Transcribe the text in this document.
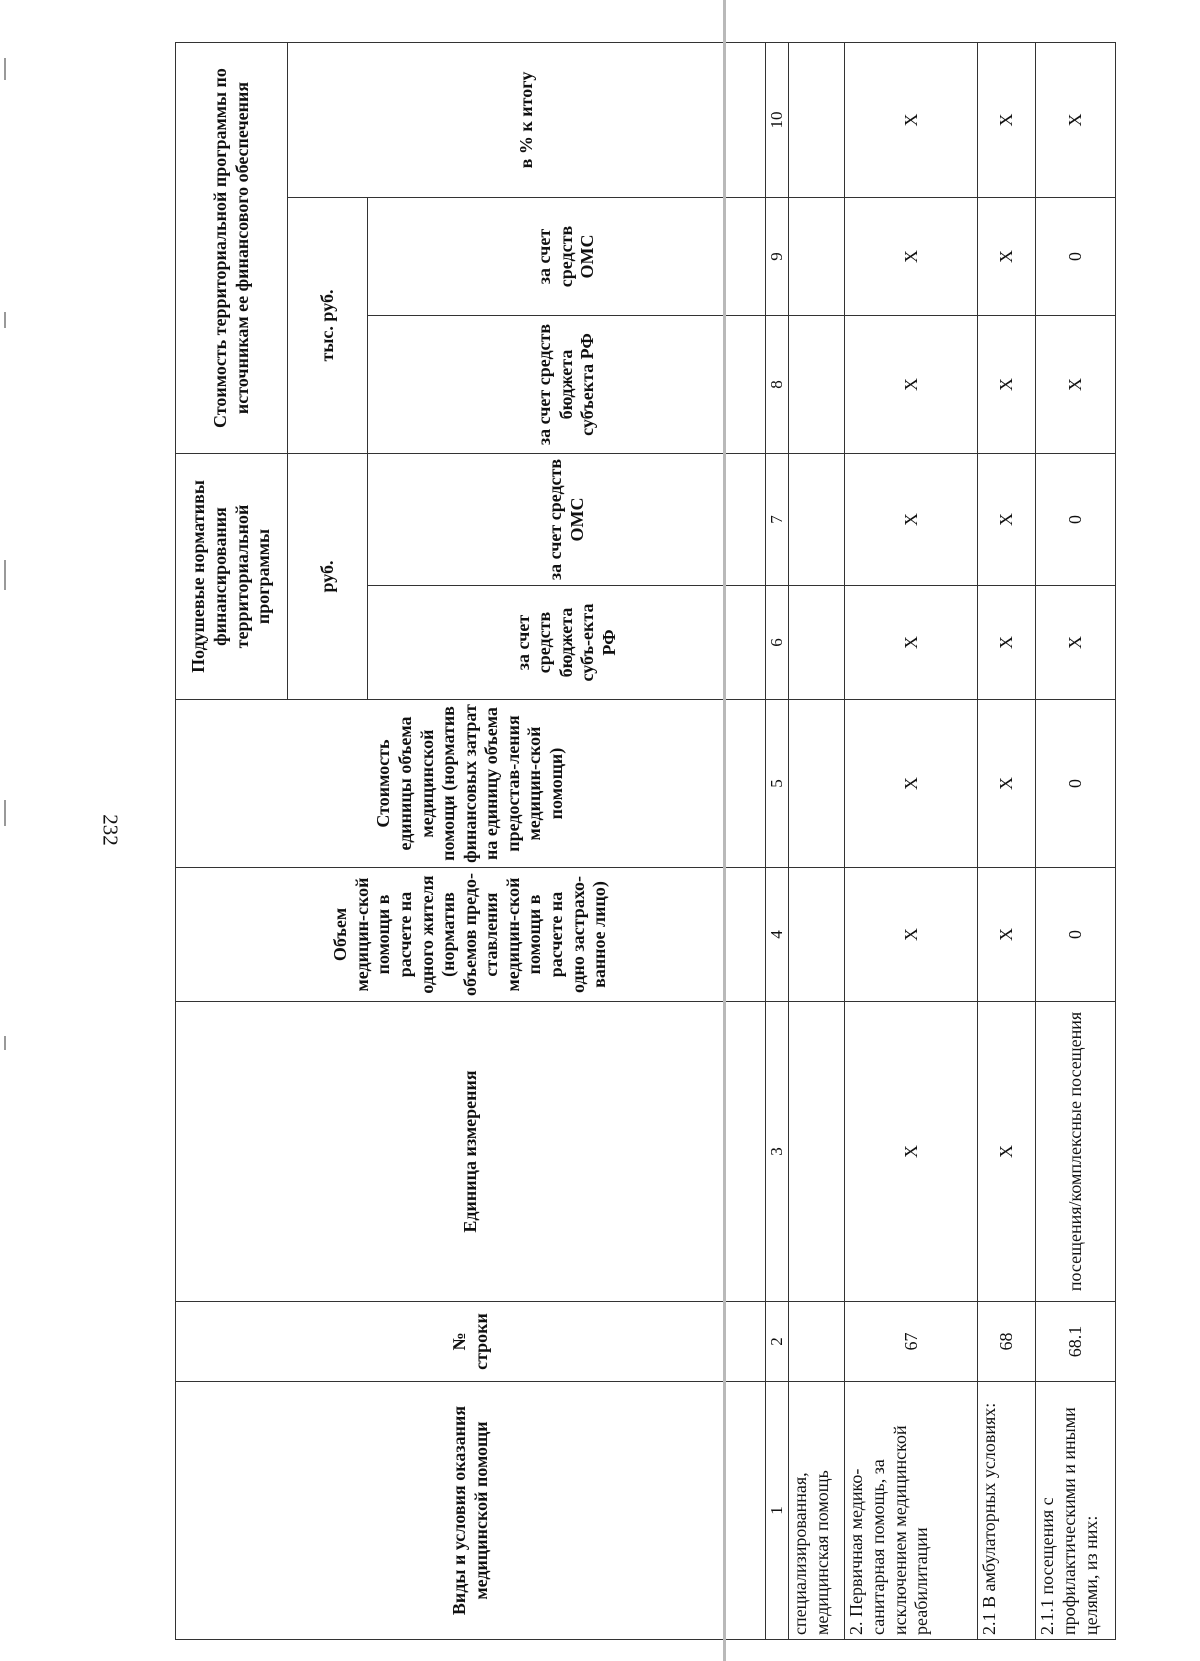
232
Виды и условия оказания медицинской помощи	№ строки	Единица измерения	Объем медицин-ской помощи в расчете на одного жителя (норматив объемов предо-ставления медицин-ской помощи в расчете на одно застрахо-ванное лицо)	Стоимость единицы объема медицинской помощи (норматив финансовых затрат на единицу объема предостав-ления медицин-ской помощи)	Подушевые нормативы финансирования территориальной программы		Стоимость территориальной программы по источникам ее финансового обеспечения		
					руб.		тыс. руб.		в % к итогу
					за счет средств бюджета субъ-екта РФ	за счет средств ОМС	за счет средств бюджета субъекта РФ	за счет средств ОМС	
1	2	3	4	5	6	7	8	9	10
специализированная, медицинская помощь									
2. Первичная медико-санитарная помощь, за исключением медицинской реабилитации	67	Х	Х	Х	Х	Х	Х	Х	Х
2.1 В амбулаторных условиях:	68	Х	Х	Х	Х	Х	Х	Х	Х
2.1.1 посещения с профилактическими и иными целями, из них:	68.1	посещения/комплексные посещения	0	0	Х	0	Х	0	Х
